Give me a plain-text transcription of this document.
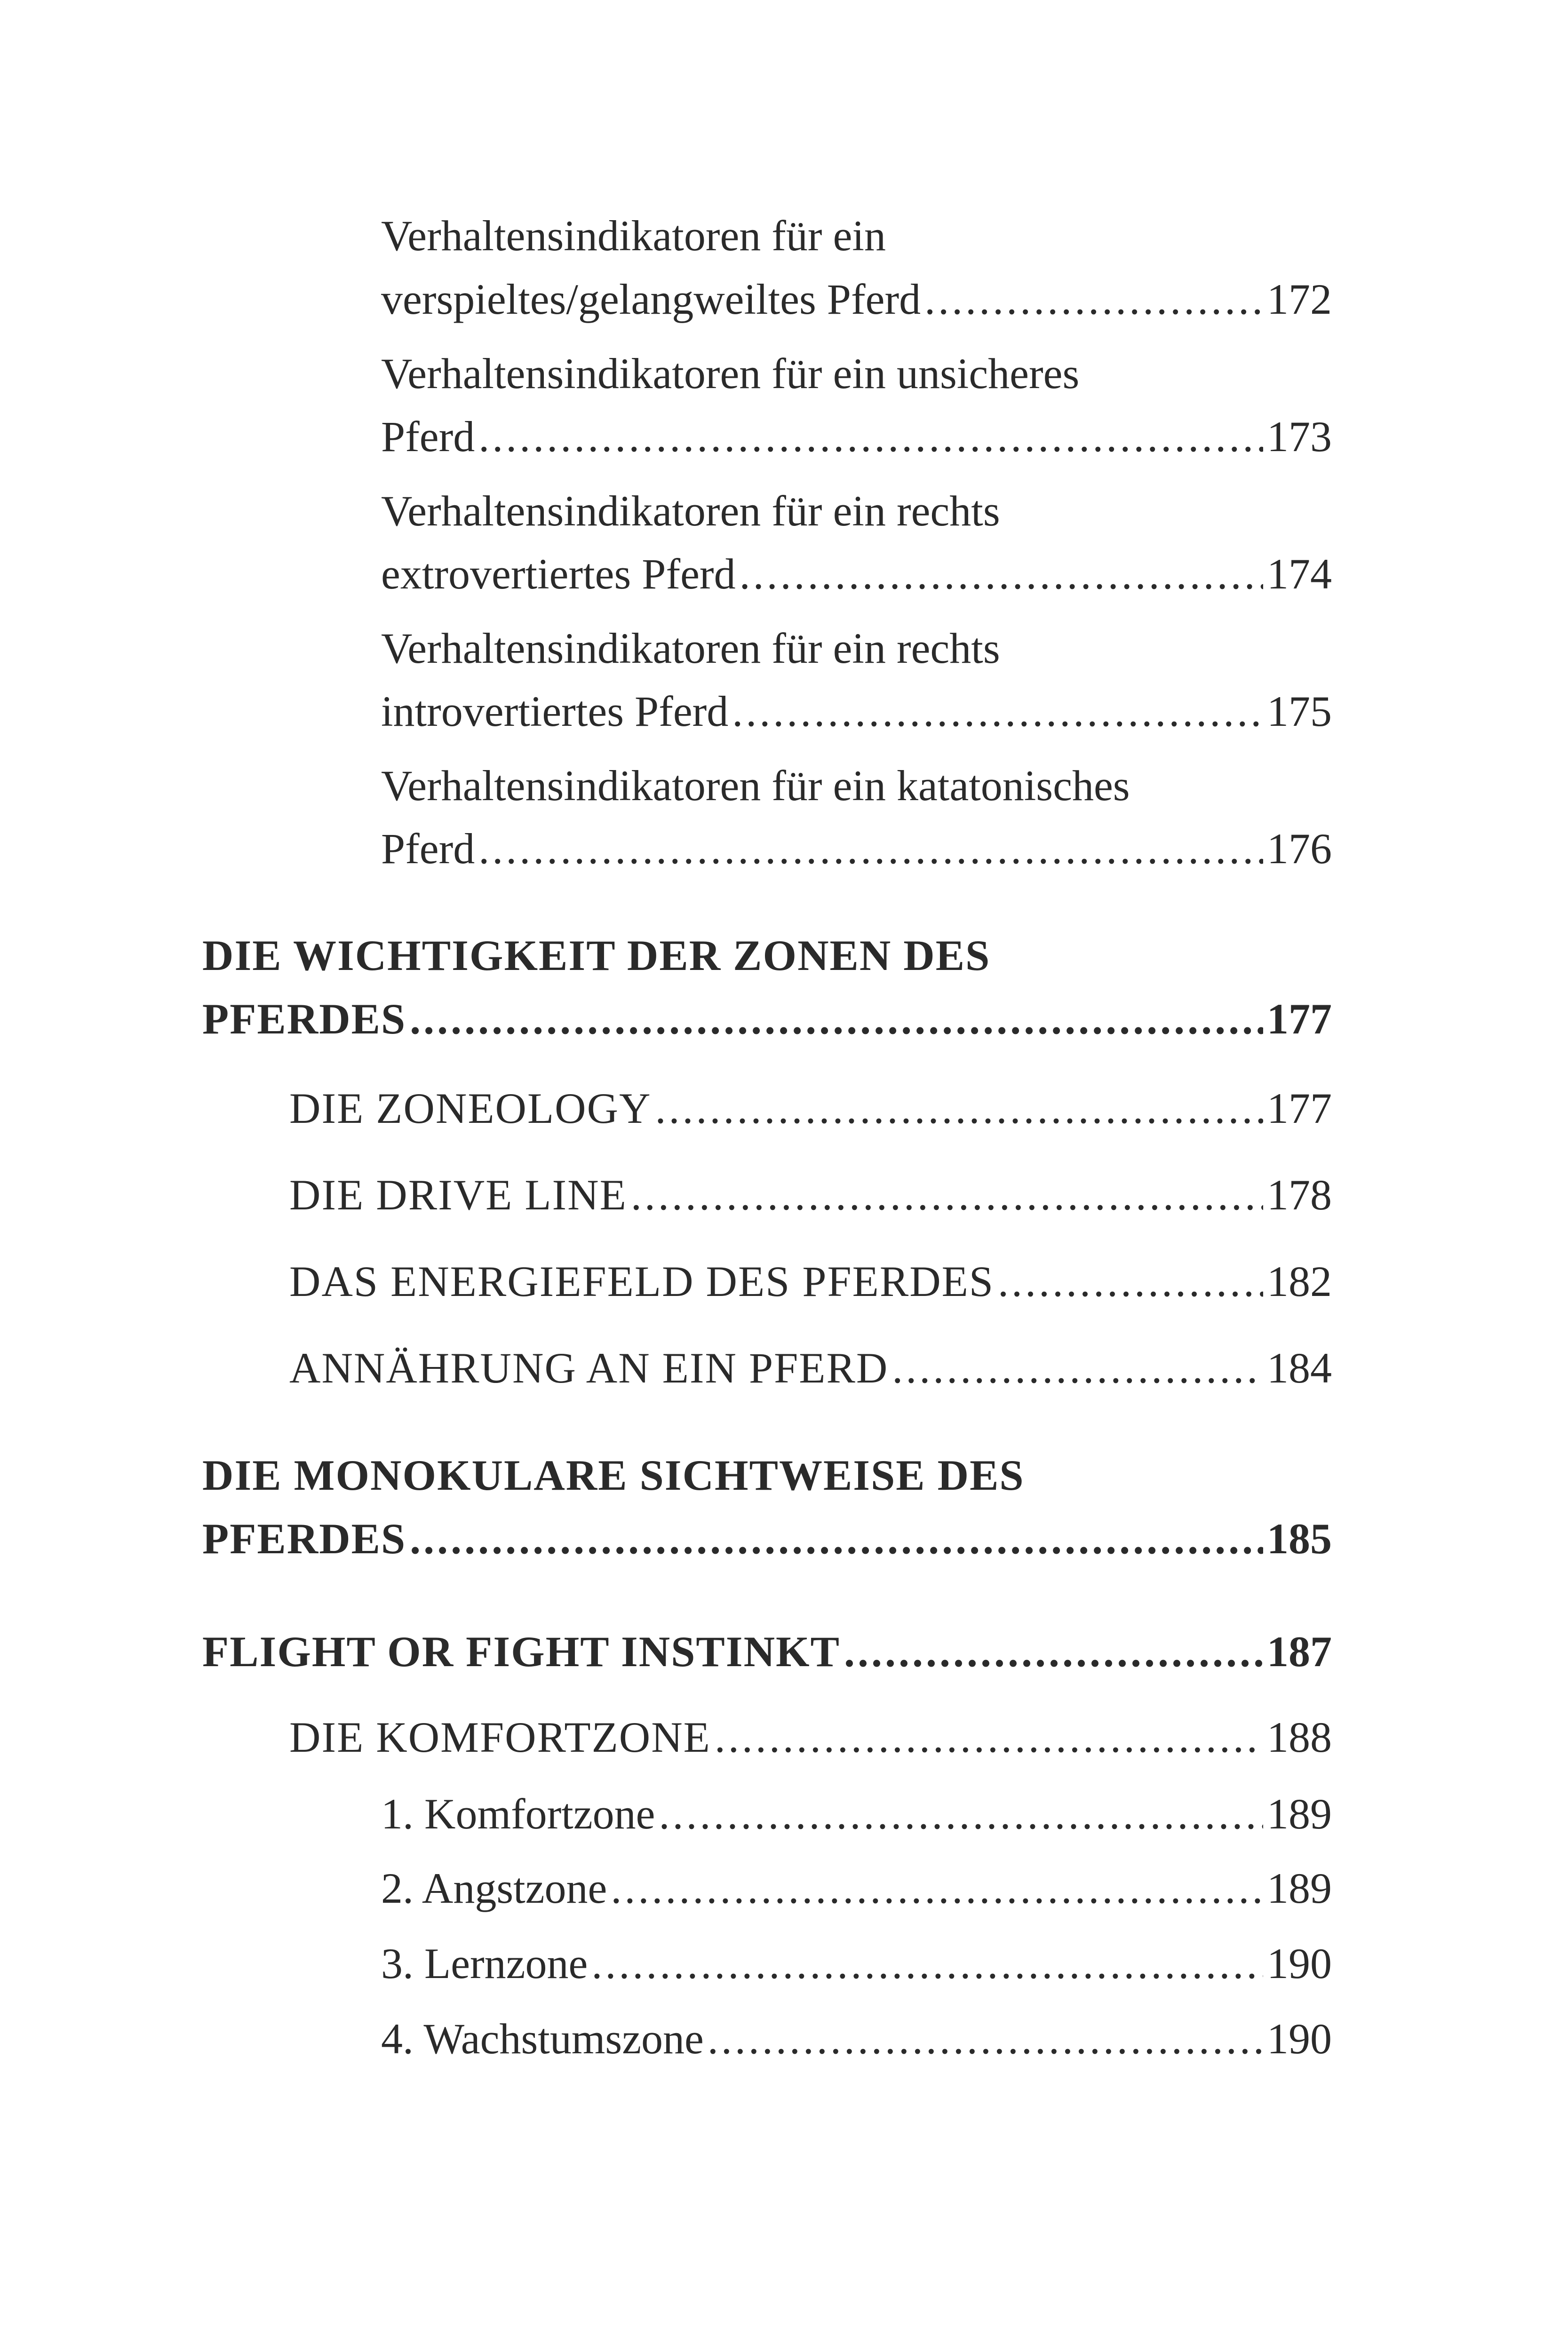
Verhaltensindikatoren für ein
verspieltes/gelangweiltes Pferd .....	172
Verhaltensindikatoren für ein unsicheres
Pferd .....	173
Verhaltensindikatoren für ein rechts
extrovertiertes Pferd .....	174
Verhaltensindikatoren für ein rechts
introvertiertes Pferd .....	175
Verhaltensindikatoren für ein katatonisches
Pferd .....	176
DIE WICHTIGKEIT DER ZONEN DES
PFERDES .....	177
DIE ZONEOLOGY .....	177
DIE DRIVE LINE .....	178
DAS ENERGIEFELD DES PFERDES .....	182
ANNÄHRUNG AN EIN PFERD .....	184
DIE MONOKULARE SICHTWEISE DES
PFERDES .....	185
FLIGHT OR FIGHT INSTINKT .....	187
DIE KOMFORTZONE .....	188
1. Komfortzone .....	189
2. Angstzone .....	189
3. Lernzone .....	190
4. Wachstumszone .....	190
